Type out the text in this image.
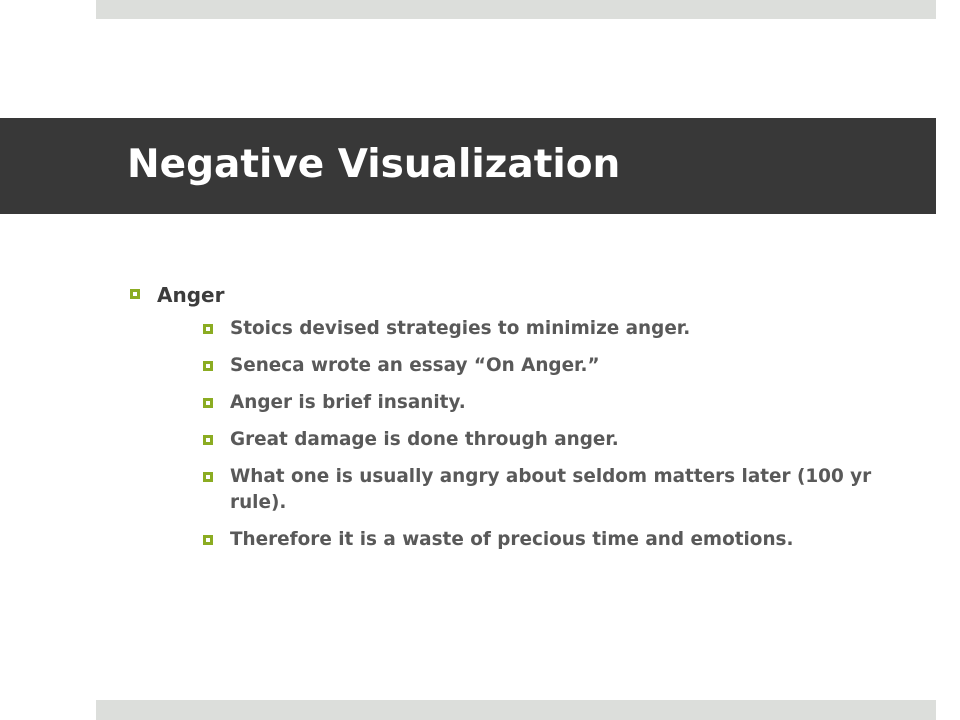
Negative Visualization
Anger
Stoics devised strategies to minimize anger.
Seneca wrote an essay “On Anger.”
Anger is brief insanity.
Great damage is done through anger.
What one is usually angry about seldom matters later (100 yr rule).
Therefore it is a waste of precious time and emotions.
